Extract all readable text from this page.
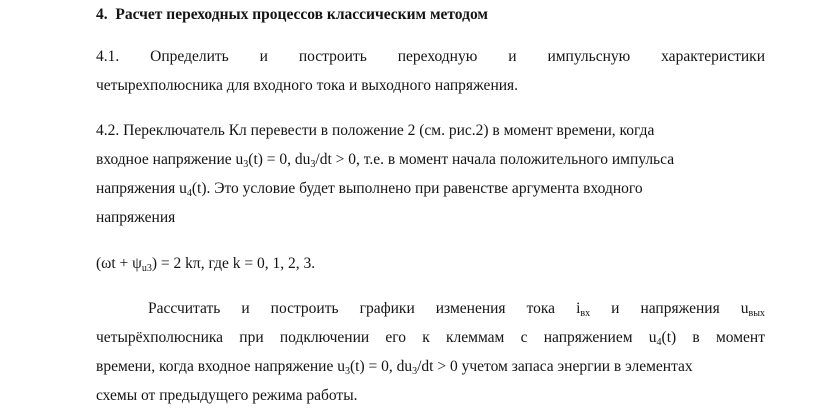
4. Расчет переходных процессов классическим методом
4.1. Определить и построить переходную и импульсную характеристики
четырехполюсника для входного тока и выходного напряжения.
4.2. Переключатель Кл перевести в положение 2 (см. рис.2) в момент времени, когда
входное напряжение $u_3(t) = 0$, $du_3/dt > 0$, т.е. в момент начала положительного импульса
напряжения $u_4(t)$. Это условие будет выполнено при равенстве аргумента входного
напряжения
$(\omega t + \psi_{u3}) = 2$ kπ, где k = 0, 1, 2, 3.
Рассчитать и построить графики изменения тока $i_{вх}$ и напряжения $u_{вых}$
четырёхполюсника при подключении его к клеммам с напряжением $u_4(t)$ в момент
времени, когда входное напряжение $u_3(t) = 0$, $du_3/dt > 0$ учетом запаса энергии в элементах
схемы от предыдущего режима работы.
